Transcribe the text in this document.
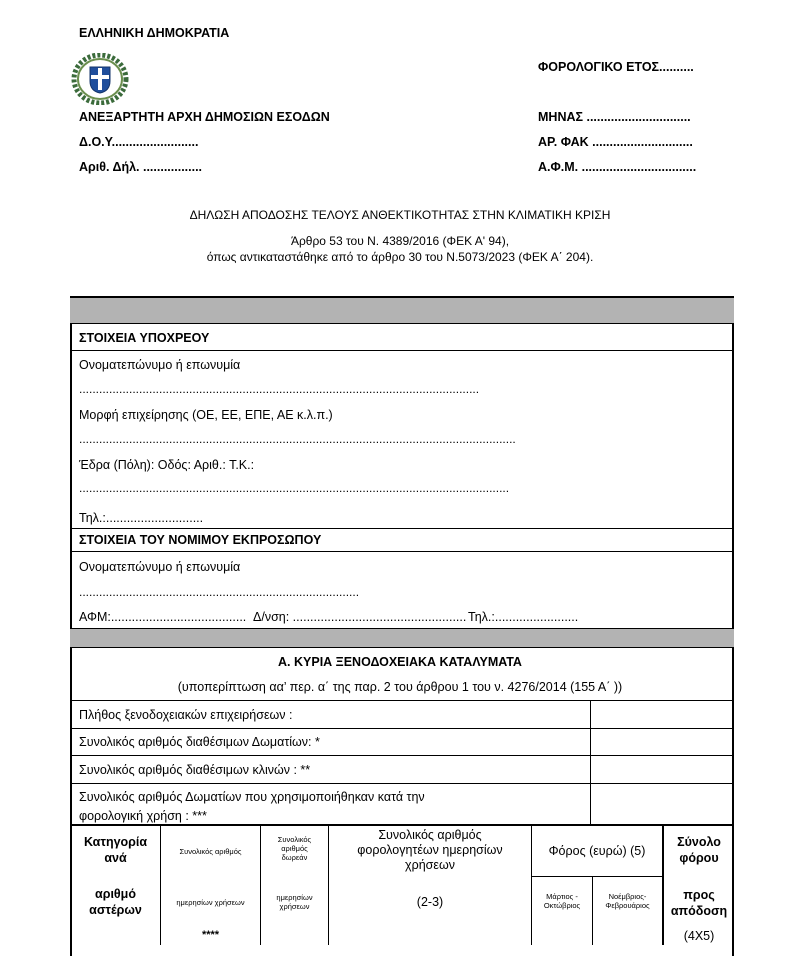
ΕΛΛΗΝΙΚΗ ΔΗΜΟΚΡΑΤΙΑ
ΑΝΕΞΑΡΤΗΤΗ ΑΡΧΗ ΔΗΜΟΣΙΩΝ ΕΣΟΔΩΝ
Δ.Ο.Υ.........................
Αριθ. Δήλ. .................
ΦΟΡΟΛΟΓΙΚΟ ΕΤΟΣ..........
ΜΗΝΑΣ ..............................
ΑΡ. ΦΑΚ .............................
Α.Φ.Μ. .................................
ΔΗΛΩΣΗ ΑΠΟΔΟΣΗΣ ΤΕΛΟΥΣ ΑΝΘΕΚΤΙΚΟΤΗΤΑΣ ΣΤΗΝ ΚΛΙΜΑΤΙΚΗ ΚΡΙΣΗ
Άρθρο 53 του Ν. 4389/2016 (ΦΕΚ Α' 94),
όπως αντικαταστάθηκε από το άρθρο 30 του Ν.5073/2023 (ΦΕΚ Α΄ 204).
ΣΤΟΙΧΕΙΑ ΥΠΟΧΡΕΟΥ
Ονοματεπώνυμο ή επωνυμία
........................................................................................................................
Μορφή επιχείρησης (ΟΕ, ΕΕ, ΕΠΕ, ΑΕ κ.λ.π.)
...................................................................................................................................
Έδρα (Πόλη): Οδός: Αριθ.: Τ.Κ.:
.................................................................................................................................
Τηλ.:............................
ΣΤΟΙΧΕΙΑ ΤΟΥ ΝΟΜΙΜΟΥ ΕΚΠΡΟΣΩΠΟΥ
Ονοματεπώνυμο ή επωνυμία
....................................................................................
ΑΦΜ:....................................... Δ/νση: .................................................. Τηλ.:........................
Α. ΚΥΡΙΑ ΞΕΝΟΔΟΧΕΙΑΚΑ ΚΑΤΑΛΥΜΑΤΑ
(υποπερίπτωση αα’ περ. α΄ της παρ. 2 του άρθρου 1 του ν. 4276/2014 (155 Α΄ ))
Πλήθος ξενοδοχειακών επιχειρήσεων :
Συνολικός αριθμός διαθέσιμων Δωματίων: *
Συνολικός αριθμός διαθέσιμων κλινών : **
Συνολικός αριθμός Δωματίων που χρησιμοποιήθηκαν κατά την
φορολογική χρήση : ***
Κατηγορία
ανά
αριθμό
αστέρων
Συνολικός αριθμός
ημερησίων χρήσεων
****
Συνολικός
αριθμός
δωρεάν
ημερησίων
χρήσεων
Συνολικός αριθμός
φορολογητέων ημερησίων
χρήσεων
(2-3)
Φόρος (ευρώ) (5)
Μάρτιος -
Οκτώβριος
Νοέμβριος-
Φεβρουάριος
Σύνολο
φόρου
προς
απόδοση
(4Χ5)
